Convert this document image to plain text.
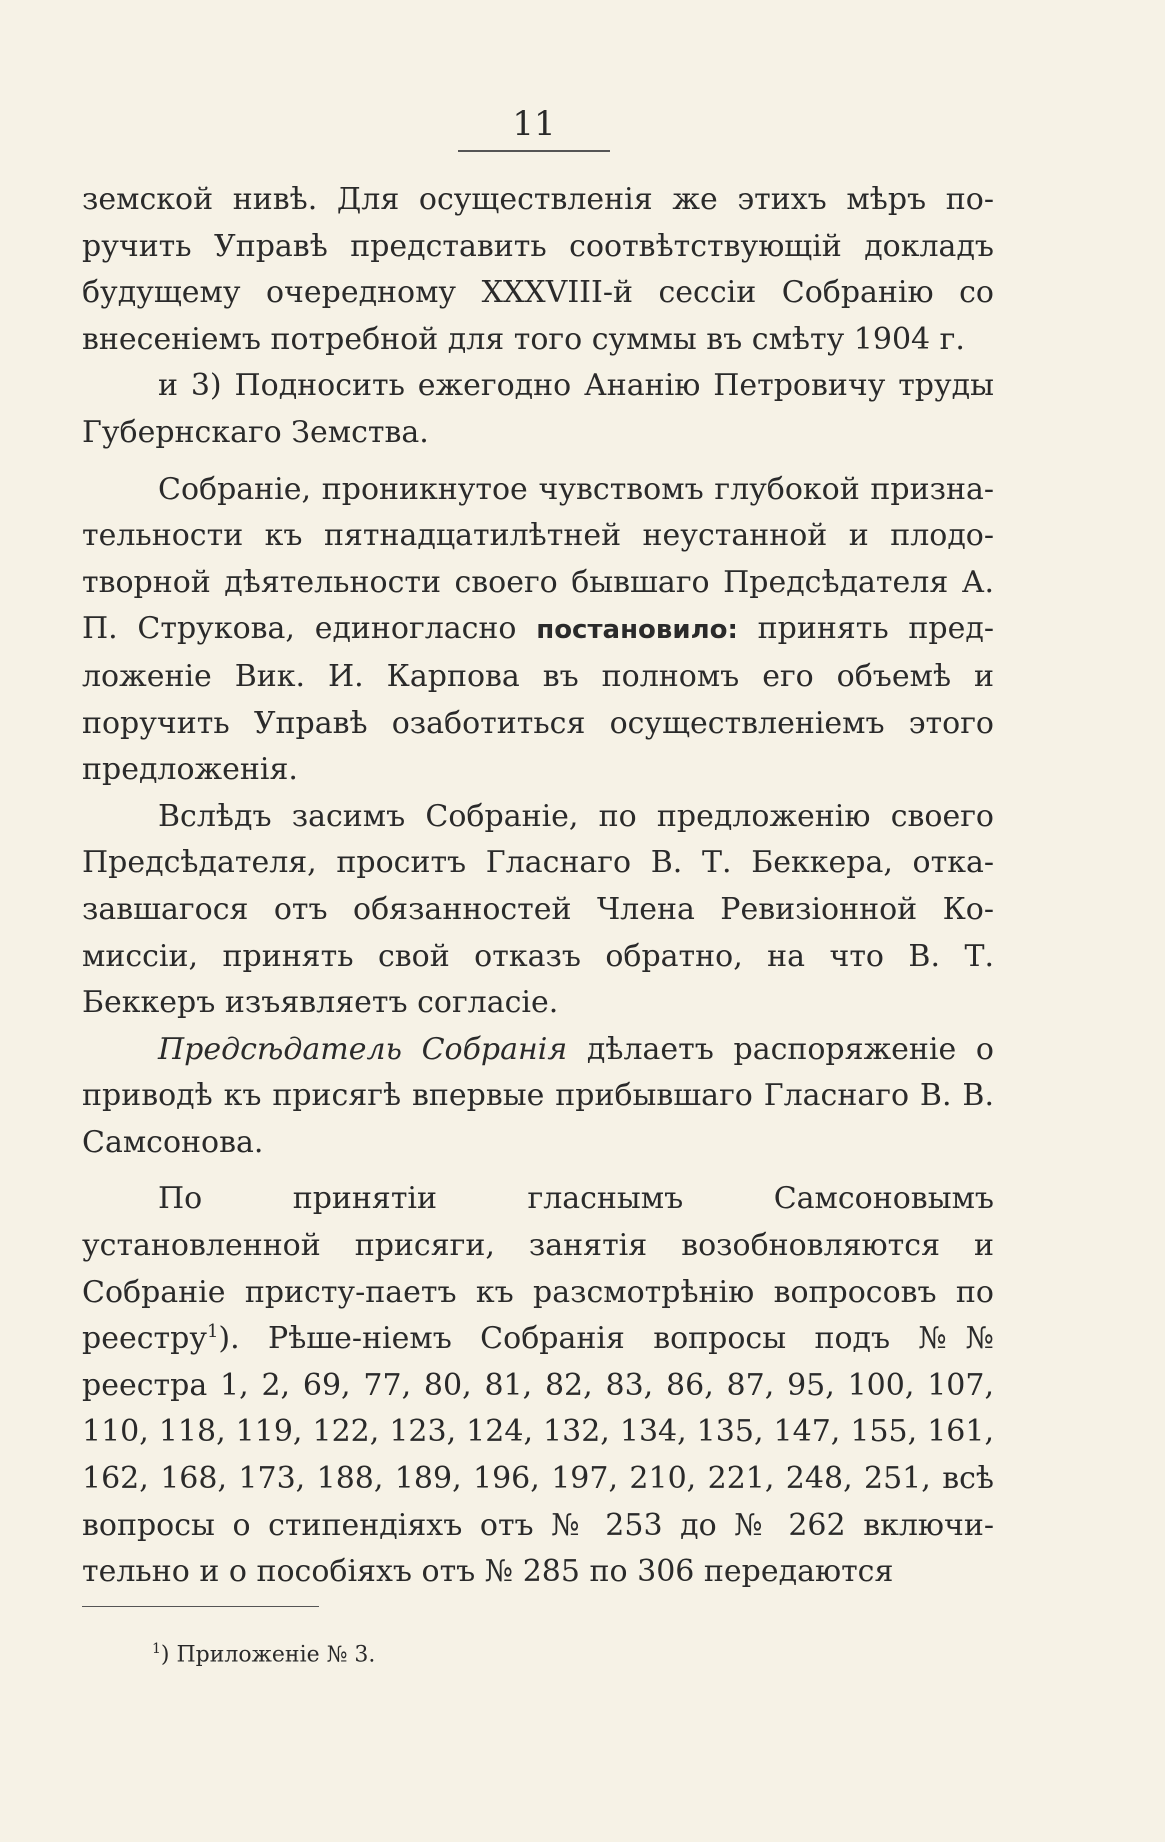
11

земской нивѣ. Для осуществленія же этихъ мѣръ по-ручить Управѣ представить соотвѣтствующій докладъ будущему очередному XXXVIII-й сессіи Собранію со внесеніемъ потребной для того суммы въ смѣту 1904 г.

и 3) Подносить ежегодно Ананію Петровичу труды Губернскаго Земства.

Собраніе, проникнутое чувствомъ глубокой призна-тельности къ пятнадцатилѣтней неустанной и плодо-творной дѣятельности своего бывшаго Предсѣдателя А. П. Струкова, единогласно постановило: принять пред-ложеніе Вик. И. Карпова въ полномъ его объемѣ и поручить Управѣ озаботиться осуществленіемъ этого предложенія.

Вслѣдъ засимъ Собраніе, по предложенію своего Предсѣдателя, проситъ Гласнаго В. Т. Беккера, отка-завшагося отъ обязанностей Члена Ревизіонной Ко-миссіи, принять свой отказъ обратно, на что В. Т. Беккеръ изъявляетъ согласіе.

Предсѣдатель Собранія дѣлаетъ распоряженіе о приводѣ къ присягѣ впервые прибывшаго Гласнаго В. В. Самсонова.

По принятіи гласнымъ Самсоновымъ установленной присяги, занятія возобновляются и Собраніе присту-паетъ къ разсмотрѣнію вопросовъ по реестру$^1$). Рѣше-ніемъ Собранія вопросы подъ №№ реестра 1, 2, 69, 77, 80, 81, 82, 83, 86, 87, 95, 100, 107, 110, 118, 119, 122, 123, 124, 132, 134, 135, 147, 155, 161, 162, 168, 173, 188, 189, 196, 197, 210, 221, 248, 251, всѣ вопросы о стипендіяхъ отъ № 253 до № 262 включи-тельно и о пособіяхъ отъ № 285 по 306 передаются

$^1$) Приложеніе № 3.
